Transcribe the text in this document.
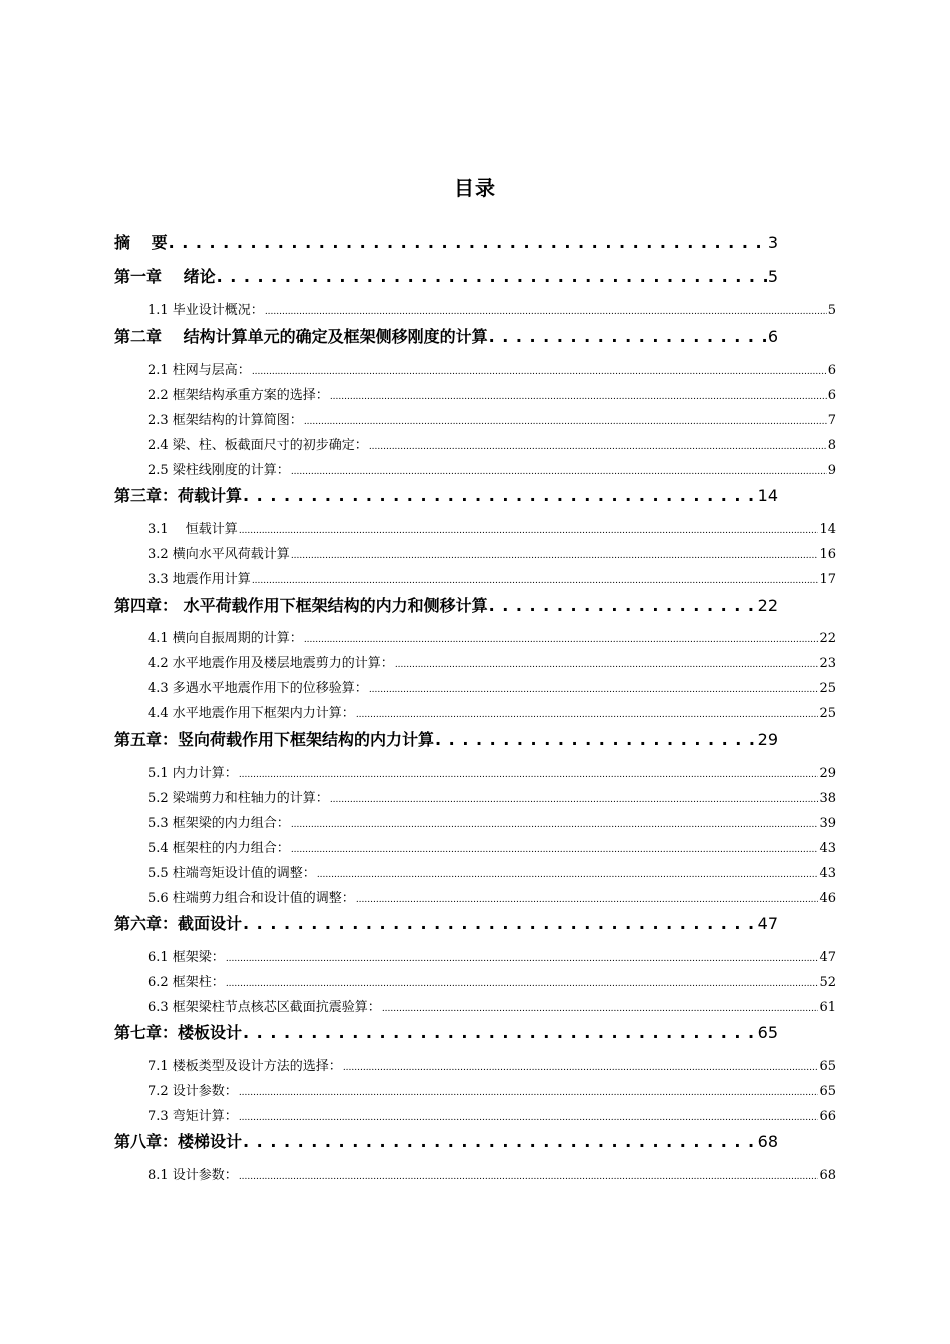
目录
摘　 要 . . .	3
第一章　 绪论 . . .	5
1.1 毕业设计概况： .....	5
第二章　 结构计算单元的确定及框架侧移刚度的计算 . . .	6
2.1 柱网与层高： .....	6
2.2 框架结构承重方案的选择： .....	6
2.3 框架结构的计算简图： .....	7
2.4 梁、柱、板截面尺寸的初步确定： .....	8
2.5 梁柱线刚度的计算： .....	9
第三章：荷载计算 . . .	14
3.1　 恒载计算 .....	14
3.2 横向水平风荷载计算 .....	16
3.3 地震作用计算 .....	17
第四章： 水平荷载作用下框架结构的内力和侧移计算 . . .	22
4.1 横向自振周期的计算： .....	22
4.2 水平地震作用及楼层地震剪力的计算： .....	23
4.3 多遇水平地震作用下的位移验算： .....	25
4.4 水平地震作用下框架内力计算： .....	25
第五章：竖向荷载作用下框架结构的内力计算 . . .	29
5.1 内力计算： .....	29
5.2 梁端剪力和柱轴力的计算： .....	38
5.3 框架梁的内力组合： .....	39
5.4 框架柱的内力组合： .....	43
5.5 柱端弯矩设计值的调整： .....	43
5.6 柱端剪力组合和设计值的调整： .....	46
第六章：截面设计 . . .	47
6.1 框架梁： .....	47
6.2 框架柱： .....	52
6.3 框架梁柱节点核芯区截面抗震验算： .....	61
第七章：楼板设计 . . .	65
7.1 楼板类型及设计方法的选择： .....	65
7.2 设计参数： .....	65
7.3 弯矩计算： .....	66
第八章：楼梯设计 . . .	68
8.1 设计参数： .....	68
